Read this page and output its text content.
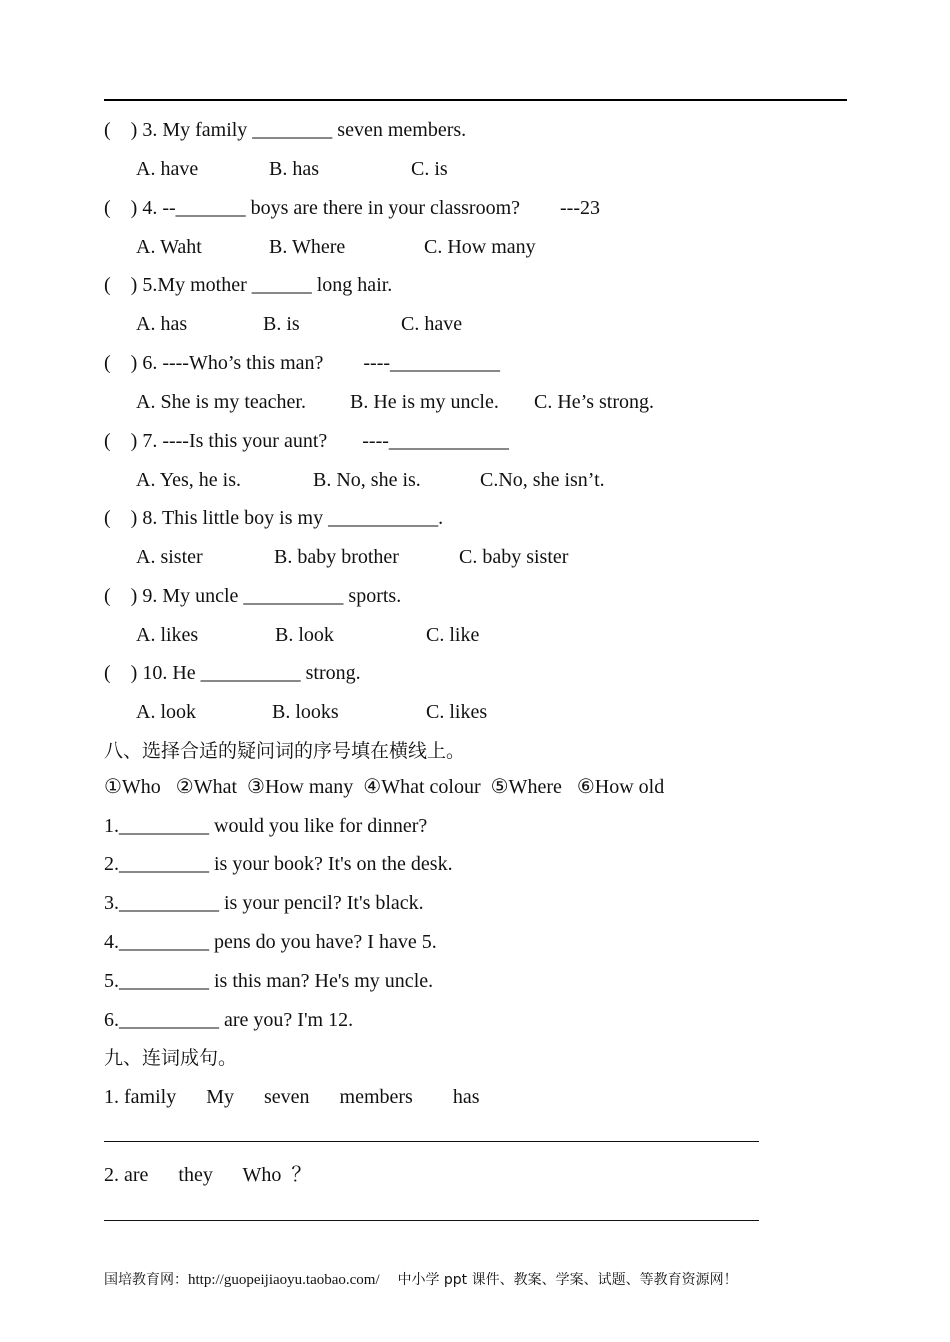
(    ) 3. My family ________ seven members.
A. have	B. has	C. is
(    ) 4. --_______ boys are there in your classroom?        ---23
A. Waht	B. Where	C. How many
(    ) 5.My mother ______ long hair.
A. has	B. is	C. have
(    ) 6. ----Who’s this man?        ----___________
A. She is my teacher. B. He is my uncle. C. He’s strong.
(    ) 7. ----Is this your aunt?       ----____________
A. Yes, he is.	B. No, she is.	C.No, she isn’t.
(    ) 8. This little boy is my ___________.
A. sister	B. baby brother	C. baby sister
(    ) 9. My uncle __________ sports.
A. likes	B. look	C. like
(    ) 10. He __________ strong.
A. look	B. looks	C. likes
八、选择合适的疑问词的序号填在横线上。
①Who   ②What  ③How many  ④What colour  ⑤Where   ⑥How old
1._________ would you like for dinner?
2._________ is your book? It's on the desk.
3.__________ is your pencil? It's black.
4._________ pens do you have? I have 5.
5._________ is this man? He's my uncle.
6.__________ are you? I'm 12.
九、连词成句。
1. family      My      seven      members        has
2. are      they      Who  ？
国培教育网：http://guopeijiaoyu.taobao.com/    中小学 ppt 课件、教案、学案、试题、等教育资源网！
